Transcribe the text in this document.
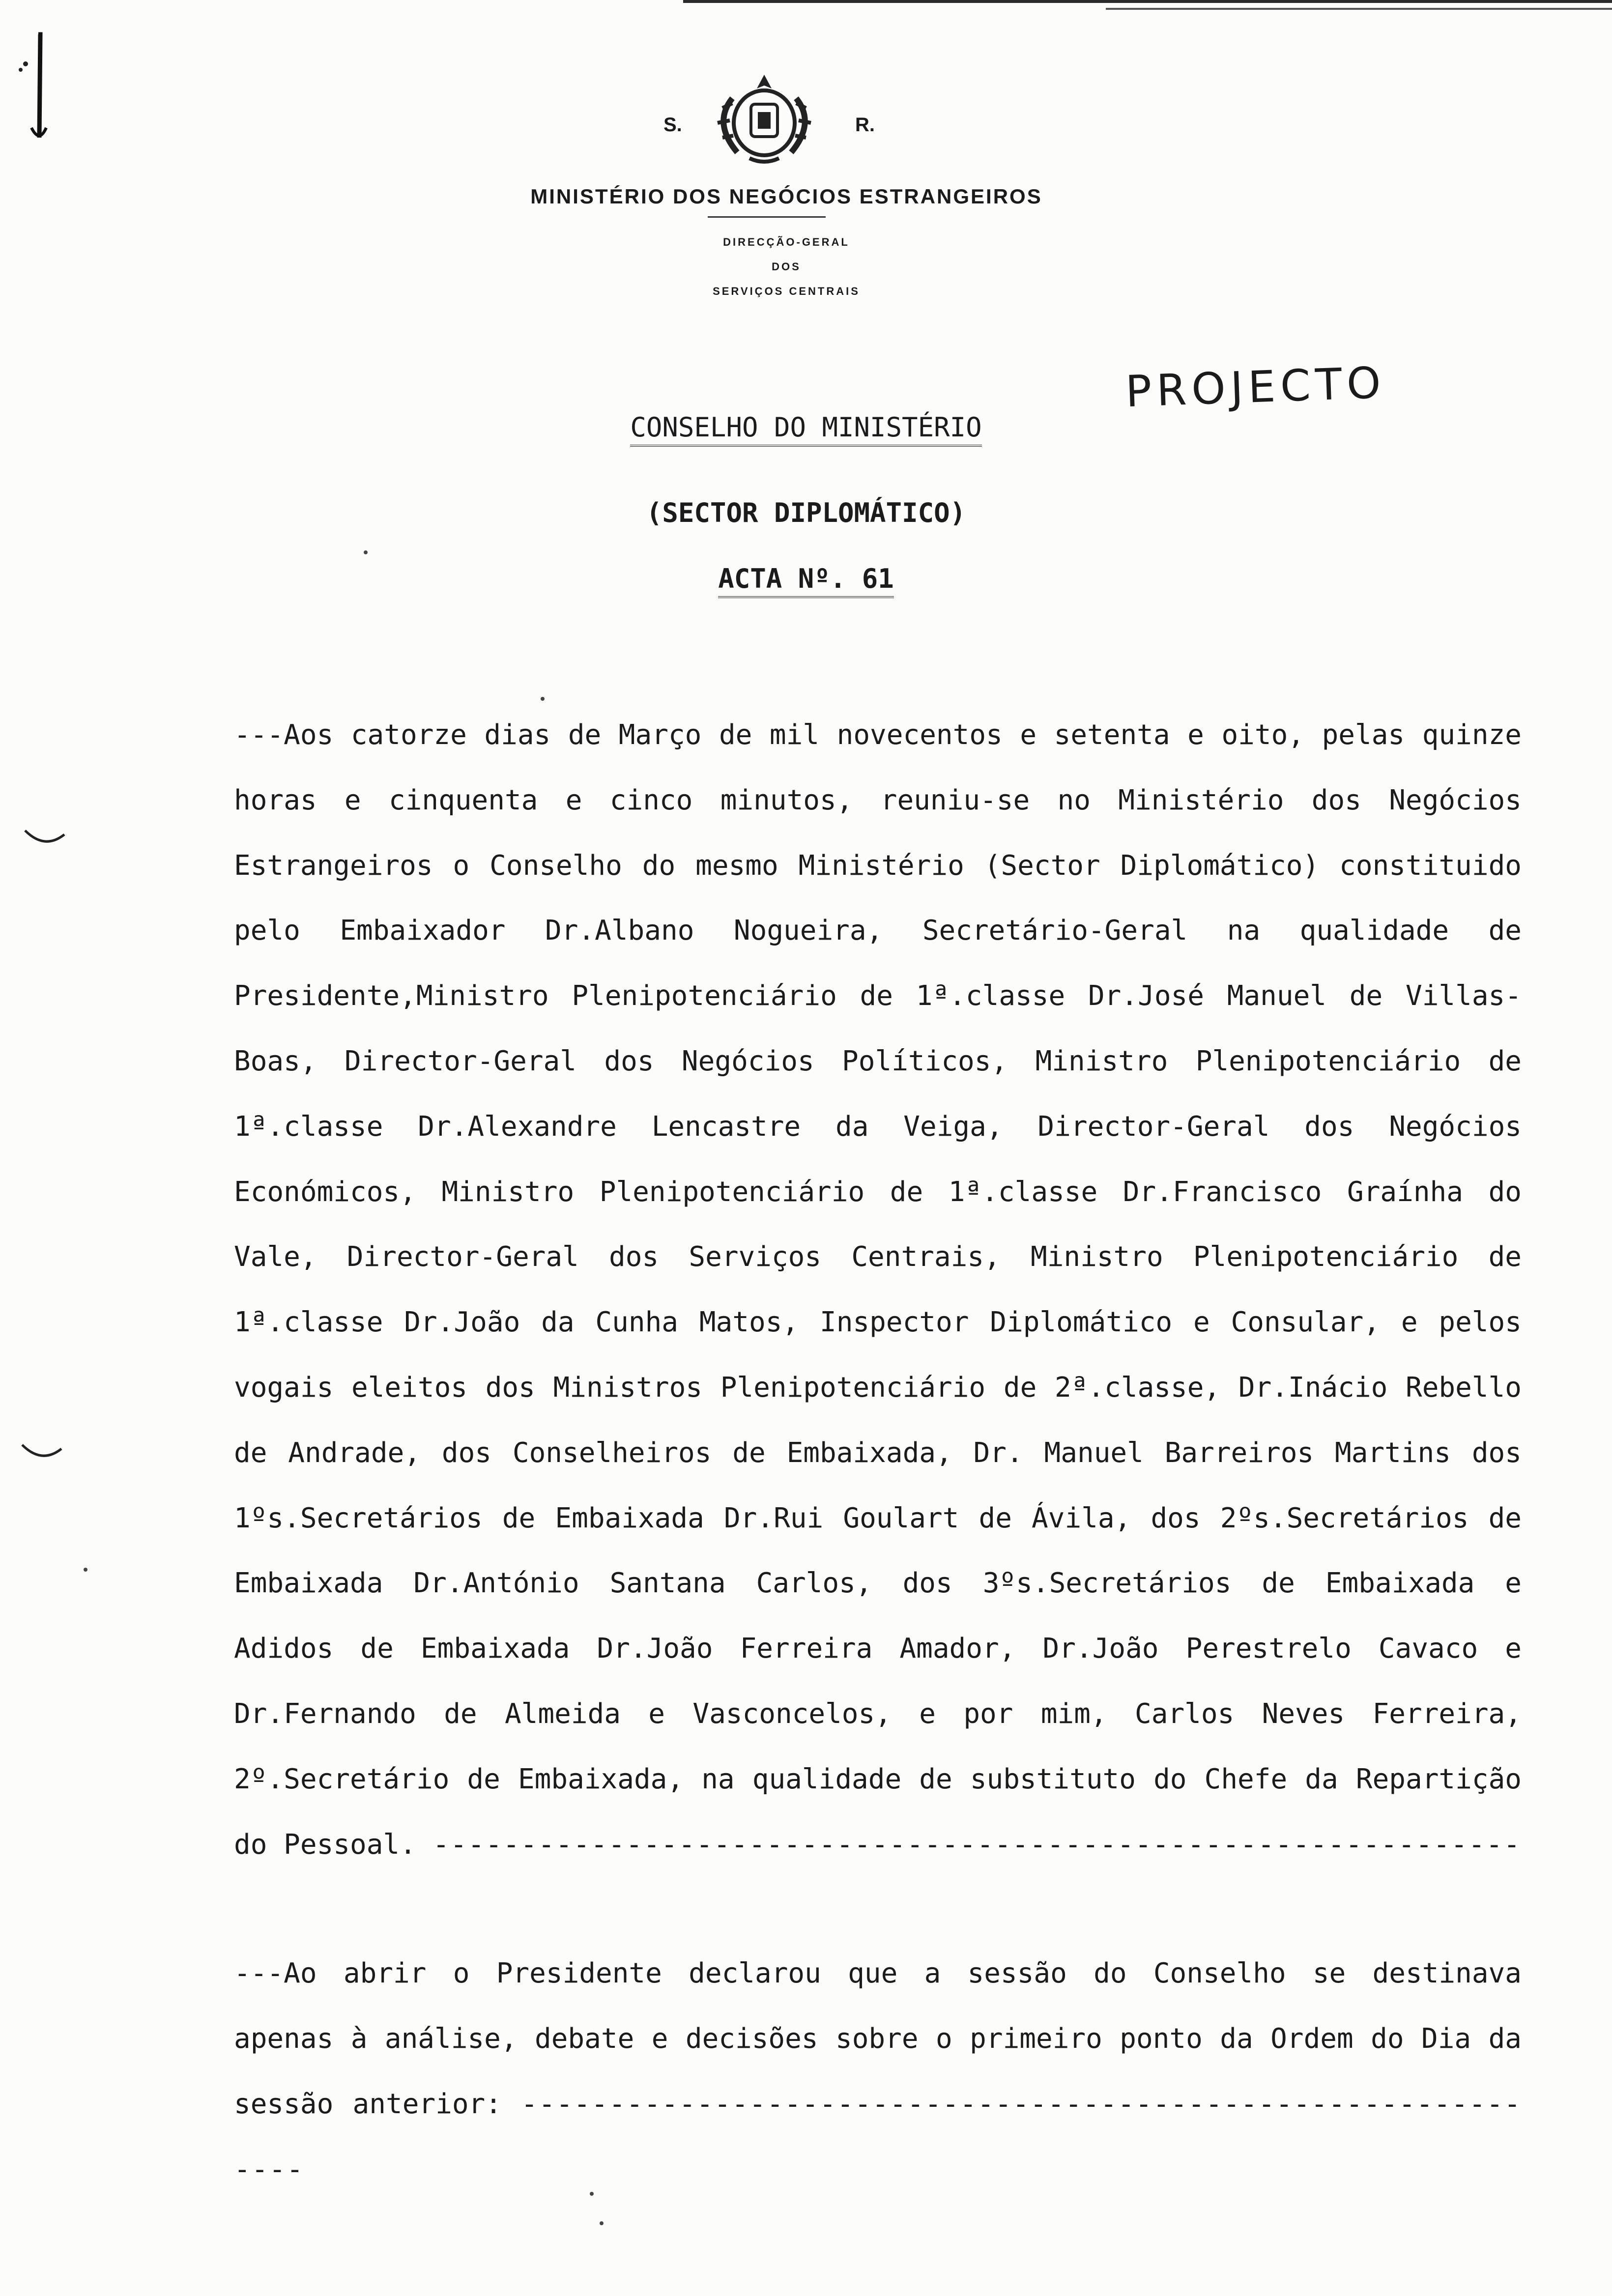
S.	R.
MINISTÉRIO DOS NEGÓCIOS ESTRANGEIROS
DIRECÇÃO-GERAL
DOS
SERVIÇOS CENTRAIS
PROJECTO
CONSELHO DO MINISTÉRIO
(SECTOR DIPLOMÁTICO)
ACTA Nº. 61

---Aos catorze dias de Março de mil novecentos e setenta e oito, pelas quinze horas e cinquenta e cinco minutos, reuniu-se no Ministério dos Negócios Estrangeiros o Conselho do mesmo Ministério (Sector Diplomático) constituido pelo Embaixador Dr.Albano Nogueira, Secretário-Geral na qualidade de Presidente,Ministro Plenipotenciário de 1ª.classe Dr.José Manuel de Villas-Boas, Director-Geral dos Negócios Políticos, Ministro Plenipotenciário de 1ª.classe Dr.Alexandre Lencastre da Veiga, Director-Geral dos Negócios Económicos, Ministro Plenipotenciário de 1ª.classe Dr.Francisco Graínha do Vale, Director-Geral dos Serviços Centrais, Ministro Plenipotenciário de 1ª.classe Dr.João da Cunha Matos, Inspector Diplomático e Consular, e pelos vogais eleitos dos Ministros Plenipotenciário de 2ª.classe, Dr.Inácio Rebello de Andrade, dos Conselheiros de Embaixada, Dr. Manuel Barreiros Martins dos 1ºs.Secretários de Embaixada Dr.Rui Goulart de Ávila, dos 2ºs.Secretários de Embaixada Dr.António Santana Carlos, dos 3ºs.Secretários de Embaixada e Adidos de Embaixada Dr.João Ferreira Amador, Dr.João Perestrelo Cavaco e Dr.Fernando de Almeida e Vasconcelos, e por mim, Carlos Neves Ferreira, 2º.Secretário de Embaixada, na qualidade de substituto do Chefe da Repartição do Pessoal. --------------------------------------------------------------

---Ao abrir o Presidente declarou que a sessão do Conselho se destinava apenas à análise, debate e decisões sobre o primeiro ponto da Ordem do Dia da sessão anterior: -------------------------------------------------------------
